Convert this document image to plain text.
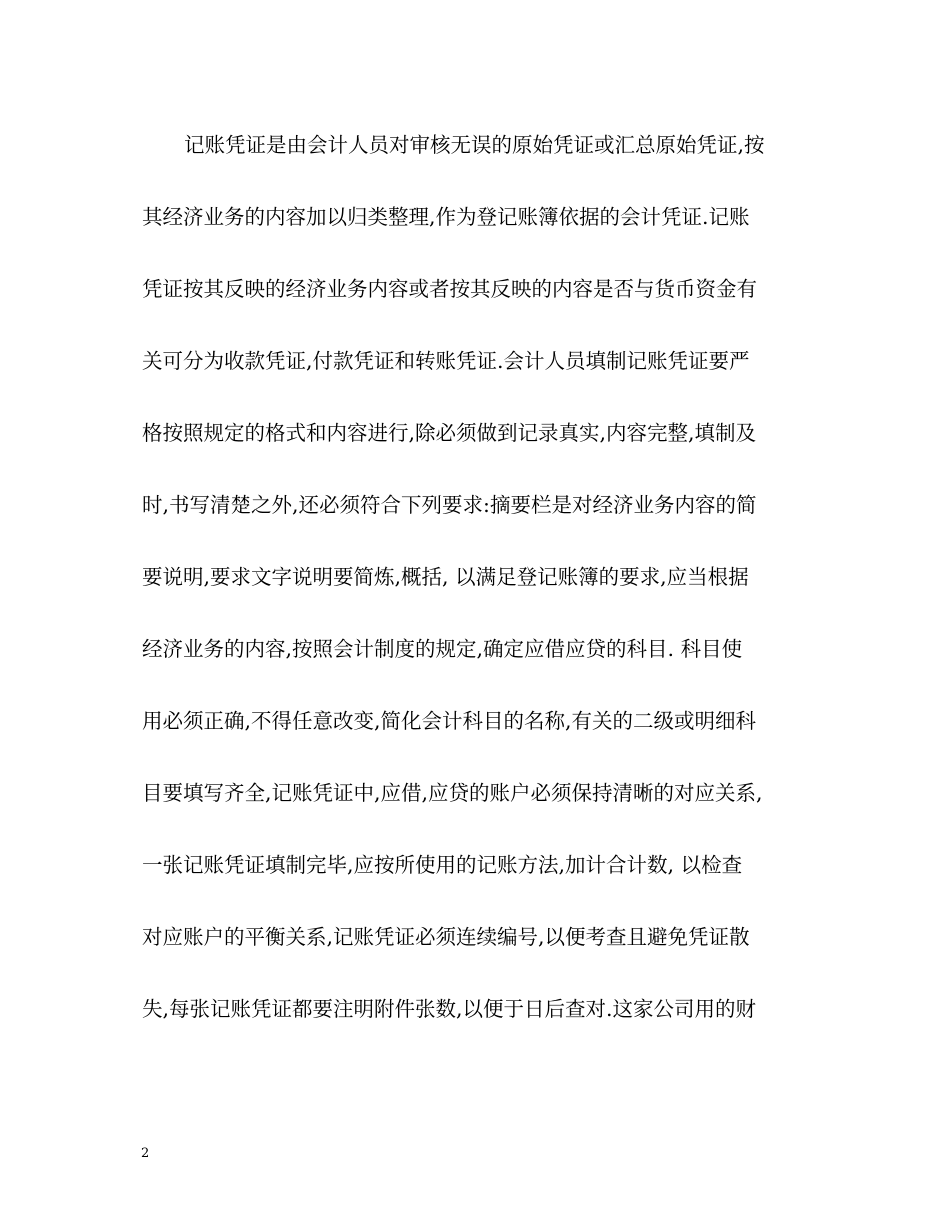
记账凭证是由会计人员对审核无误的原始凭证或汇总原始凭证,按
其经济业务的内容加以归类整理,作为登记账簿依据的会计凭证.记账
凭证按其反映的经济业务内容或者按其反映的内容是否与货币资金有
关可分为收款凭证,付款凭证和转账凭证.会计人员填制记账凭证要严
格按照规定的格式和内容进行,除必须做到记录真实,内容完整,填制及
时,书写清楚之外,还必须符合下列要求:摘要栏是对经济业务内容的简
要说明,要求文字说明要简炼,概括, 以满足登记账簿的要求,应当根据
经济业务的内容,按照会计制度的规定,确定应借应贷的科目. 科目使
用必须正确,不得任意改变,简化会计科目的名称,有关的二级或明细科
目要填写齐全,记账凭证中,应借,应贷的账户必须保持清晰的对应关系,
一张记账凭证填制完毕,应按所使用的记账方法,加计合计数, 以检查
对应账户的平衡关系,记账凭证必须连续编号,以便考查且避免凭证散
失,每张记账凭证都要注明附件张数,以便于日后查对.这家公司用的财
2
